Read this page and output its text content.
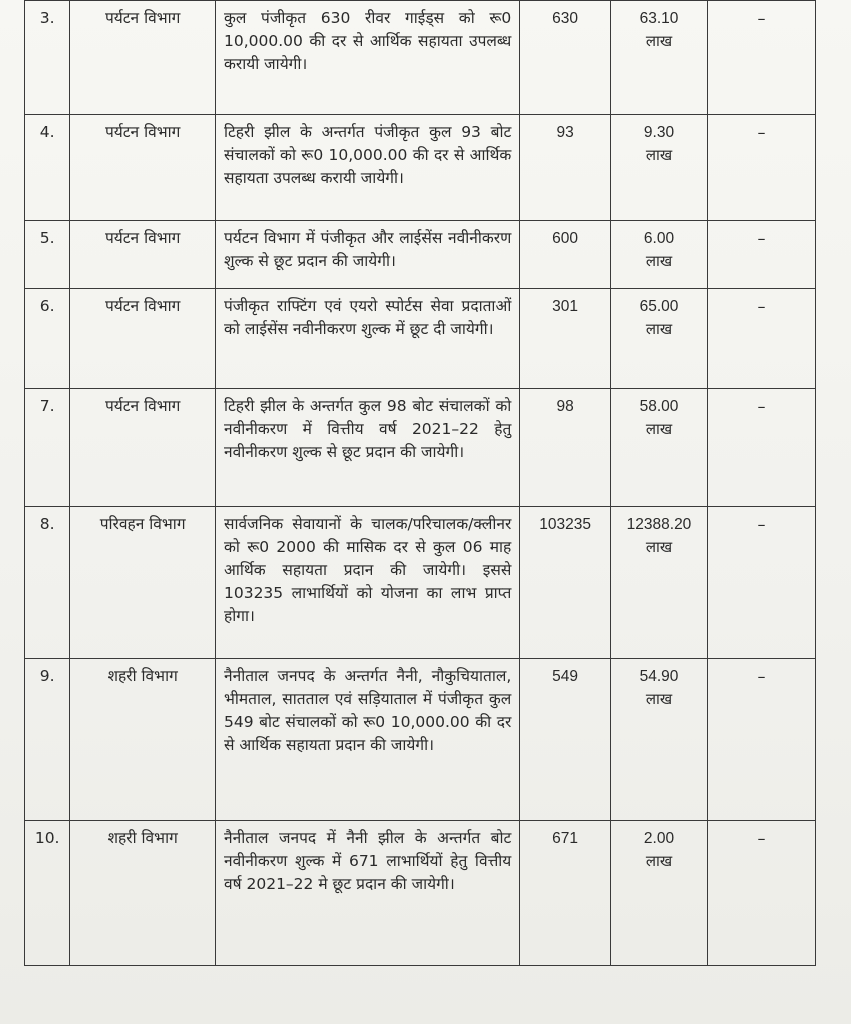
3.	पर्यटन विभाग	कुल पंजीकृत 630 रीवर गाईड्स को रू0 10,000.00 की दर से आर्थिक सहायता उपलब्ध करायी जायेगी।	630	63.10
लाख	–

4.	पर्यटन विभाग	टिहरी झील के अन्तर्गत पंजीकृत कुल 93 बोट संचालकों को रू0 10,000.00 की दर से आर्थिक सहायता उपलब्ध करायी जायेगी।	93	9.30
लाख	–

5.	पर्यटन विभाग	पर्यटन विभाग में पंजीकृत और लाईसेंस नवीनीकरण शुल्क से छूट प्रदान की जायेगी।	600	6.00
लाख	–

6.	पर्यटन विभाग	पंजीकृत राफ्टिंग एवं एयरो स्पोर्टस सेवा प्रदाताओं को लाईसेंस नवीनीकरण शुल्क में छूट दी जायेगी।	301	65.00
लाख	–

7.	पर्यटन विभाग	टिहरी झील के अन्तर्गत कुल 98 बोट संचालकों को नवीनीकरण में वित्तीय वर्ष 2021–22 हेतु नवीनीकरण शुल्क से छूट प्रदान की जायेगी।	98	58.00
लाख	–

8.	परिवहन विभाग	सार्वजनिक सेवायानों के चालक/परिचालक/क्लीनर को रू0 2000 की मासिक दर से कुल 06 माह आर्थिक सहायता प्रदान की जायेगी। इससे 103235 लाभार्थियों को योजना का लाभ प्राप्त होगा।	103235	12388.20
लाख	–

9.	शहरी विभाग	नैनीताल जनपद के अन्तर्गत नैनी, नौकुचियाताल, भीमताल, सातताल एवं सड़ियाताल में पंजीकृत कुल 549 बोट संचालकों को रू0 10,000.00 की दर से आर्थिक सहायता प्रदान की जायेगी।	549	54.90
लाख	–

10.	शहरी विभाग	नैनीताल जनपद में नैनी झील के अन्तर्गत बोट नवीनीकरण शुल्क में 671 लाभार्थियों हेतु वित्तीय वर्ष 2021–22 मे छूट प्रदान की जायेगी।	671	2.00
लाख	–
